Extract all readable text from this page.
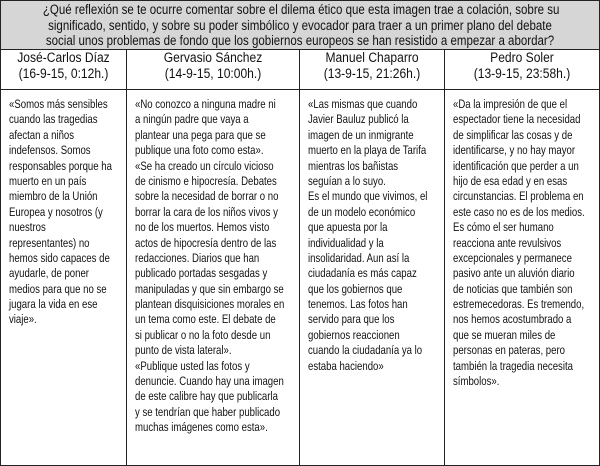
¿Qué reflexión se te ocurre comentar sobre el dilema ético que esta imagen trae a colación, sobre su
significado, sentido, y sobre su poder simbólico y evocador para traer a un primer plano del debate
social unos problemas de fondo que los gobiernos europeos se han resistido a empezar a abordar?
José-Carlos Díaz
(16-9-15, 0:12h.)
«Somos más sensibles
cuando las tragedias
afectan a niños
indefensos. Somos
responsables porque ha
muerto en un país
miembro de la Unión
Europea y nosotros (y
nuestros
representantes) no
hemos sido capaces de
ayudarle, de poner
medios para que no se
jugara la vida en ese
viaje».
Gervasio Sánchez
(14-9-15, 10:00h.)
«No conozco a ninguna madre ni
a ningún padre que vaya a
plantear una pega para que se
publique una foto como esta».
«Se ha creado un círculo vicioso
de cinismo e hipocresía. Debates
sobre la necesidad de borrar o no
borrar la cara de los niños vivos y
no de los muertos. Hemos visto
actos de hipocresía dentro de las
redacciones. Diarios que han
publicado portadas sesgadas y
manipuladas y que sin embargo se
plantean disquisiciones morales en
un tema como este. El debate de
si publicar o no la foto desde un
punto de vista lateral».
«Publique usted las fotos y
denuncie. Cuando hay una imagen
de este calibre hay que publicarla
y se tendrían que haber publicado
muchas imágenes como esta».
Manuel Chaparro
(13-9-15, 21:26h.)
«Las mismas que cuando
Javier Bauluz publicó la
imagen de un inmigrante
muerto en la playa de Tarifa
mientras los bañistas
seguían a lo suyo.
Es el mundo que vivimos, el
de un modelo económico
que apuesta por la
individualidad y la
insolidaridad. Aun así la
ciudadanía es más capaz
que los gobiernos que
tenemos. Las fotos han
servido para que los
gobiernos reaccionen
cuando la ciudadanía ya lo
estaba haciendo»
Pedro Soler
(13-9-15, 23:58h.)
«Da la impresión de que el
espectador tiene la necesidad
de simplificar las cosas y de
identificarse, y no hay mayor
identificación que perder a un
hijo de esa edad y en esas
circunstancias. El problema en
este caso no es de los medios.
Es cómo el ser humano
reacciona ante revulsivos
excepcionales y permanece
pasivo ante un aluvión diario
de noticias que también son
estremecedoras. Es tremendo,
nos hemos acostumbrado a
que se mueran miles de
personas en pateras, pero
también la tragedia necesita
símbolos».
